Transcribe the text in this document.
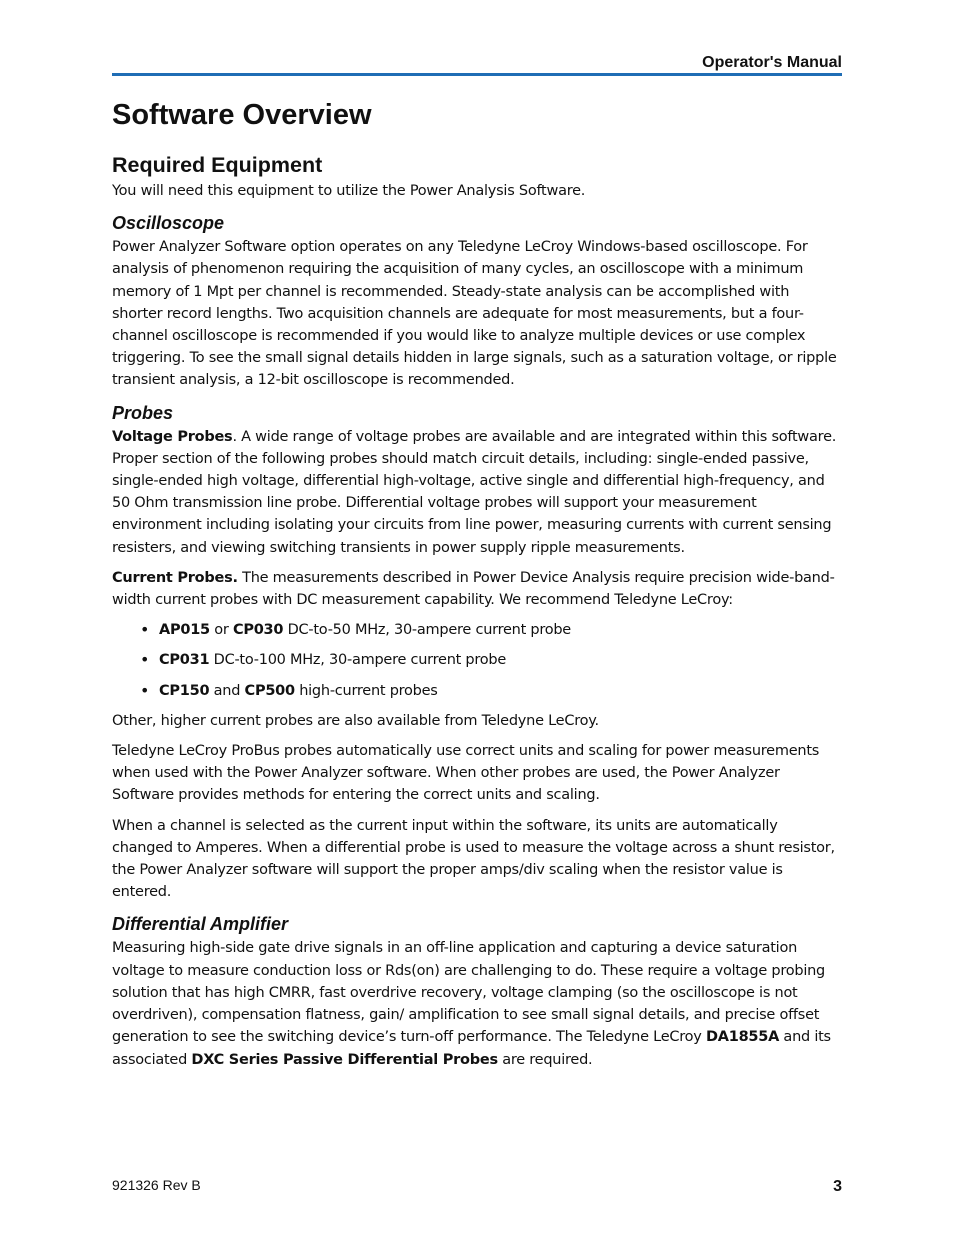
Operator's Manual
Software Overview
Required Equipment

You will need this equipment to utilize the Power Analysis Software.

Oscilloscope

Power Analyzer Software option operates on any Teledyne LeCroy Windows-based oscilloscope. For analysis of phenomenon requiring the acquisition of many cycles, an oscilloscope with a minimum memory of 1 Mpt per channel is recommended. Steady-state analysis can be accomplished with shorter record lengths. Two acquisition channels are adequate for most measurements, but a four-channel oscilloscope is recommended if you would like to analyze multiple devices or use complex triggering. To see the small signal details hidden in large signals, such as a saturation voltage, or ripple transient analysis, a 12-bit oscilloscope is recommended.

Probes

Voltage Probes. A wide range of voltage probes are available and are integrated within this software. Proper section of the following probes should match circuit details, including: single-ended passive, single-ended high voltage, differential high-voltage, active single and differential high-frequency, and 50 Ohm transmission line probe. Differential voltage probes will support your measurement environment including isolating your circuits from line power, measuring currents with current sensing resisters, and viewing switching transients in power supply ripple measurements.

Current Probes. The measurements described in Power Device Analysis require precision wide-band-width current probes with DC measurement capability. We recommend Teledyne LeCroy:

• AP015 or CP030 DC-to-50 MHz, 30-ampere current probe
• CP031 DC-to-100 MHz, 30-ampere current probe
• CP150 and CP500 high-current probes

Other, higher current probes are also available from Teledyne LeCroy.

Teledyne LeCroy ProBus probes automatically use correct units and scaling for power measurements when used with the Power Analyzer software. When other probes are used, the Power Analyzer Software provides methods for entering the correct units and scaling.

When a channel is selected as the current input within the software, its units are automatically changed to Amperes. When a differential probe is used to measure the voltage across a shunt resistor, the Power Analyzer software will support the proper amps/div scaling when the resistor value is entered.

Differential Amplifier

Measuring high-side gate drive signals in an off-line application and capturing a device saturation voltage to measure conduction loss or Rds(on) are challenging to do. These require a voltage probing solution that has high CMRR, fast overdrive recovery, voltage clamping (so the oscilloscope is not overdriven), compensation flatness, gain/ amplification to see small signal details, and precise offset generation to see the switching device’s turn-off performance. The Teledyne LeCroy DA1855A and its associated DXC Series Passive Differential Probes are required.

921326 Rev B	3
